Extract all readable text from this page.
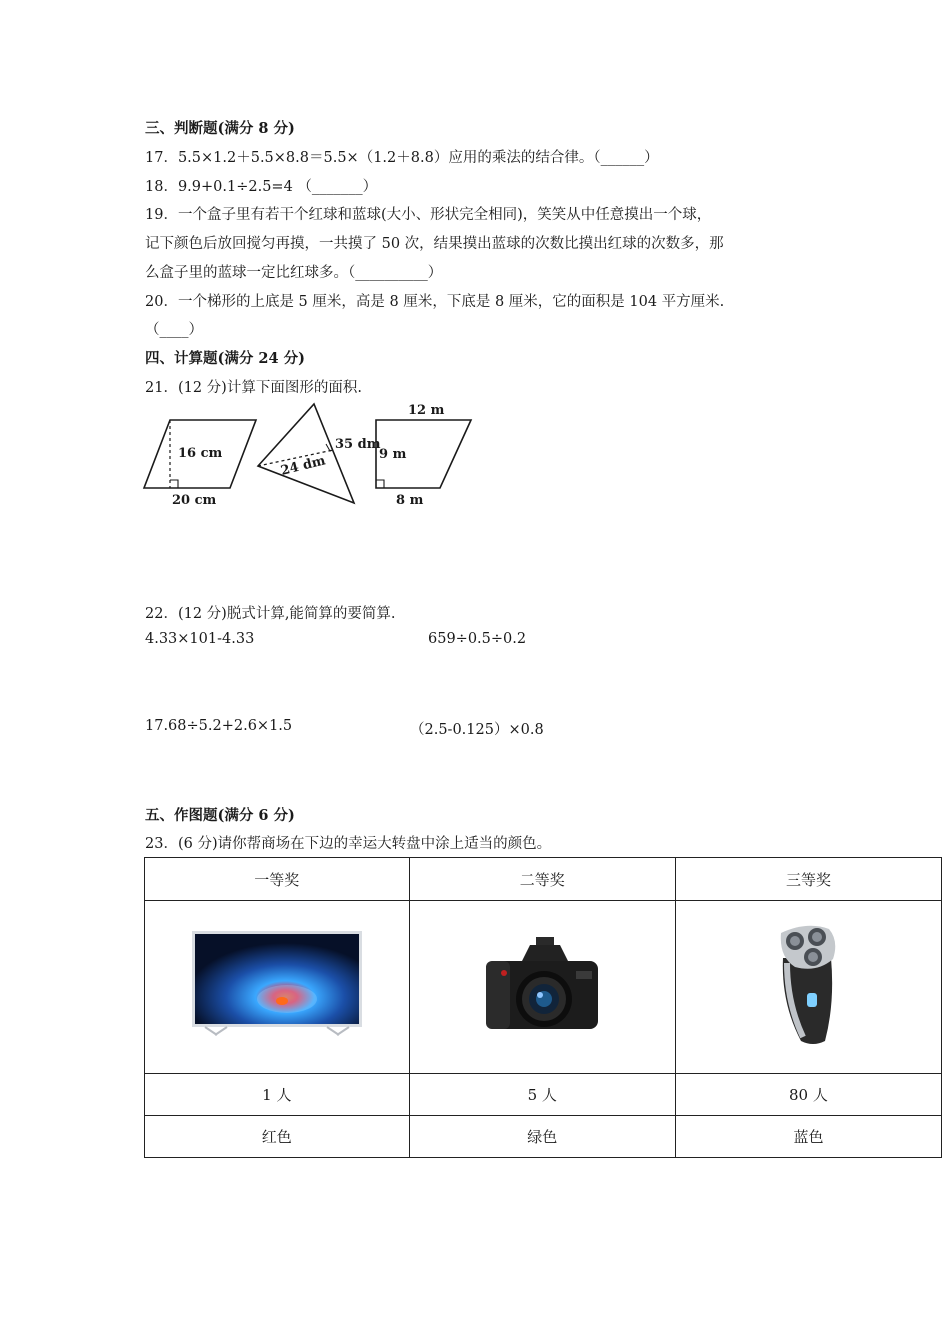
三、判断题(满分 8 分)
17．5.5×1.2＋5.5×8.8＝5.5×（1.2＋8.8）应用的乘法的结合律。（______）
18．9.9+0.1÷2.5=4 （_______）
19．一个盒子里有若干个红球和蓝球(大小、形状完全相同)，笑笑从中任意摸出一个球，
记下颜色后放回搅匀再摸，一共摸了 50 次，结果摸出蓝球的次数比摸出红球的次数多，那
么盒子里的蓝球一定比红球多。（__________）
20．一个梯形的上底是 5 厘米，高是 8 厘米，下底是 8 厘米，它的面积是 104 平方厘米.
（____）
四、计算题(满分 24 分)
21．(12 分)计算下面图形的面积.
16 cm
20 cm
24 dm
35 dm
12 m
9 m
8 m
22．(12 分)脱式计算,能简算的要简算.
4.33×101-4.33	659÷0.5÷0.2
17.68÷5.2+2.6×1.5	（2.5-0.125）×0.8
五、作图题(满分 6 分)
23．(6 分)请你帮商场在下边的幸运大转盘中涂上适当的颜色。
一等奖	二等奖	三等奖

1 人	5 人	80 人
红色	绿色	蓝色
